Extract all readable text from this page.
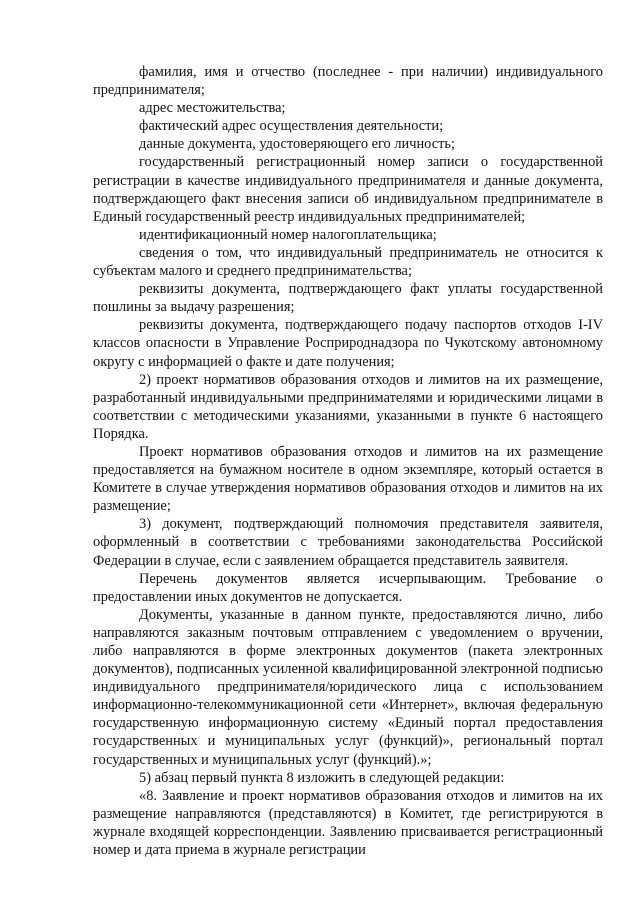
фамилия, имя и отчество (последнее - при наличии) индивидуального предпринимателя;

адрес местожительства;

фактический адрес осуществления деятельности;

данные документа, удостоверяющего его личность;

государственный регистрационный номер записи о государственной регистрации в качестве индивидуального предпринимателя и данные документа, подтверждающего факт внесения записи об индивидуальном предпринимателе в Единый государственный реестр индивидуальных предпринимателей;

идентификационный номер налогоплательщика;

сведения о том, что индивидуальный предприниматель не относится к субъектам малого и среднего предпринимательства;

реквизиты документа, подтверждающего факт уплаты государственной пошлины за выдачу разрешения;

реквизиты документа, подтверждающего подачу паспортов отходов I-IV классов опасности в Управление Росприроднадзора по Чукотскому автономному округу с информацией о факте и дате получения;

2) проект нормативов образования отходов и лимитов на их размещение, разработанный индивидуальными предпринимателями и юридическими лицами в соответствии с методическими указаниями, указанными в пункте 6 настоящего Порядка.

Проект нормативов образования отходов и лимитов на их размещение предоставляется на бумажном носителе в одном экземпляре, который остается в Комитете в случае утверждения нормативов образования отходов и лимитов на их размещение;

3) документ, подтверждающий полномочия представителя заявителя, оформленный в соответствии с требованиями законодательства Российской Федерации в случае, если с заявлением обращается представитель заявителя.

Перечень документов является исчерпывающим. Требование о предоставлении иных документов не допускается.

Документы, указанные в данном пункте, предоставляются лично, либо направляются заказным почтовым отправлением с уведомлением о вручении, либо направляются в форме электронных документов (пакета электронных документов), подписанных усиленной квалифицированной электронной подписью индивидуального предпринимателя/юридического лица с использованием информационно-телекоммуникационной сети «Интернет», включая федеральную государственную информационную систему «Единый портал предоставления государственных и муниципальных услуг (функций)», региональный портал государственных и муниципальных услуг (функций).»;

5) абзац первый пункта 8 изложить в следующей редакции:

«8. Заявление и проект нормативов образования отходов и лимитов на их размещение направляются (представляются) в Комитет, где регистрируются в журнале входящей корреспонденции. Заявлению присваивается регистрационный номер и дата приема в журнале регистрации
